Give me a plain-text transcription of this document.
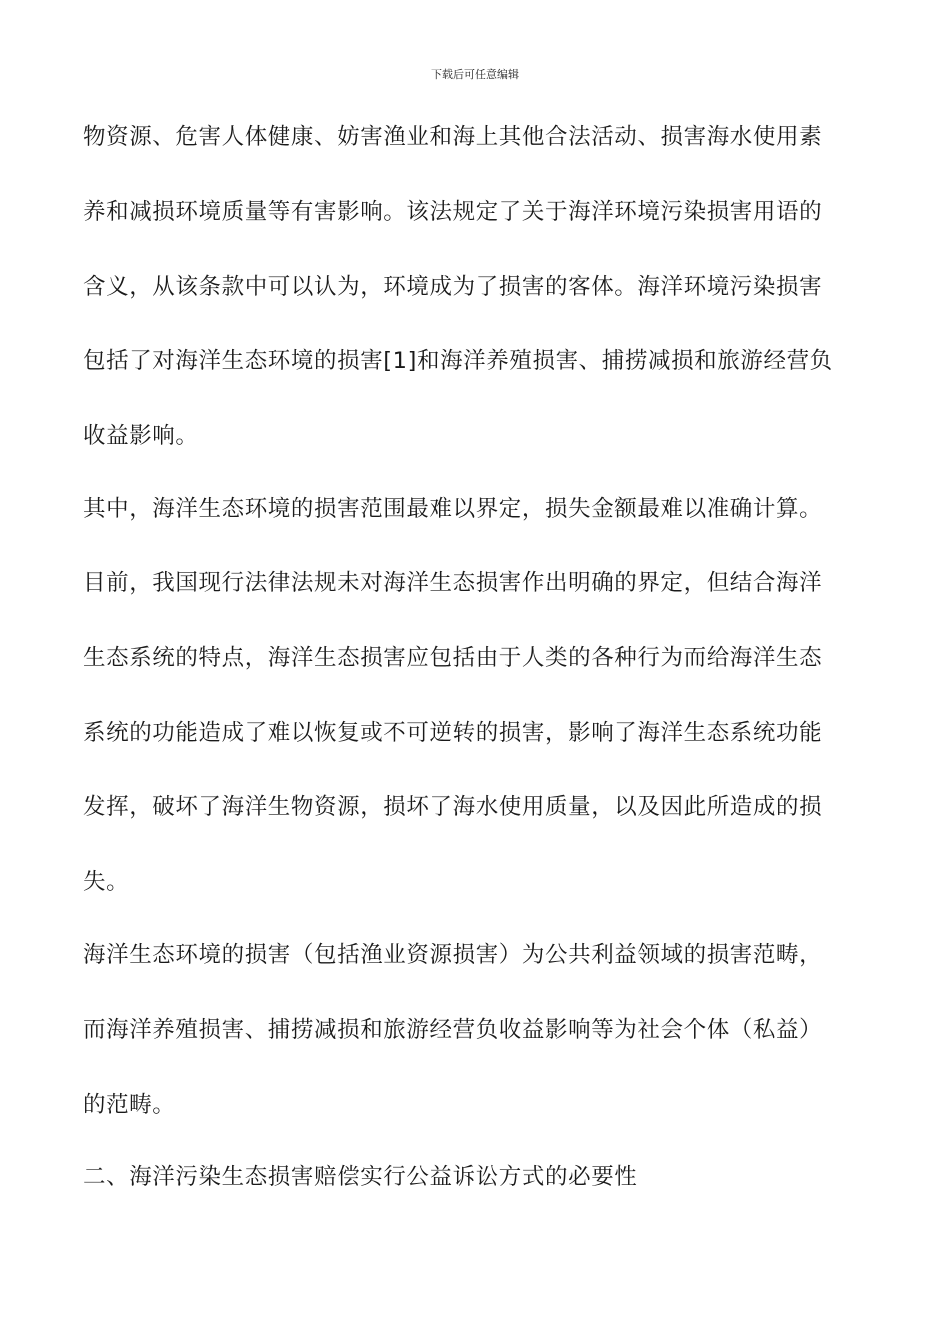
下载后可任意编辑
物资源、危害人体健康、妨害渔业和海上其他合法活动、损害海水使用素
养和减损环境质量等有害影响。该法规定了关于海洋环境污染损害用语的
含义，从该条款中可以认为，环境成为了损害的客体。海洋环境污染损害
包括了对海洋生态环境的损害[1]和海洋养殖损害、捕捞减损和旅游经营负
收益影响。
其中，海洋生态环境的损害范围最难以界定，损失金额最难以准确计算。
目前，我国现行法律法规未对海洋生态损害作出明确的界定，但结合海洋
生态系统的特点，海洋生态损害应包括由于人类的各种行为而给海洋生态
系统的功能造成了难以恢复或不可逆转的损害，影响了海洋生态系统功能
发挥，破坏了海洋生物资源，损坏了海水使用质量，以及因此所造成的损
失。
海洋生态环境的损害（包括渔业资源损害）为公共利益领域的损害范畴，
而海洋养殖损害、捕捞减损和旅游经营负收益影响等为社会个体（私益）
的范畴。
二、海洋污染生态损害赔偿实行公益诉讼方式的必要性
